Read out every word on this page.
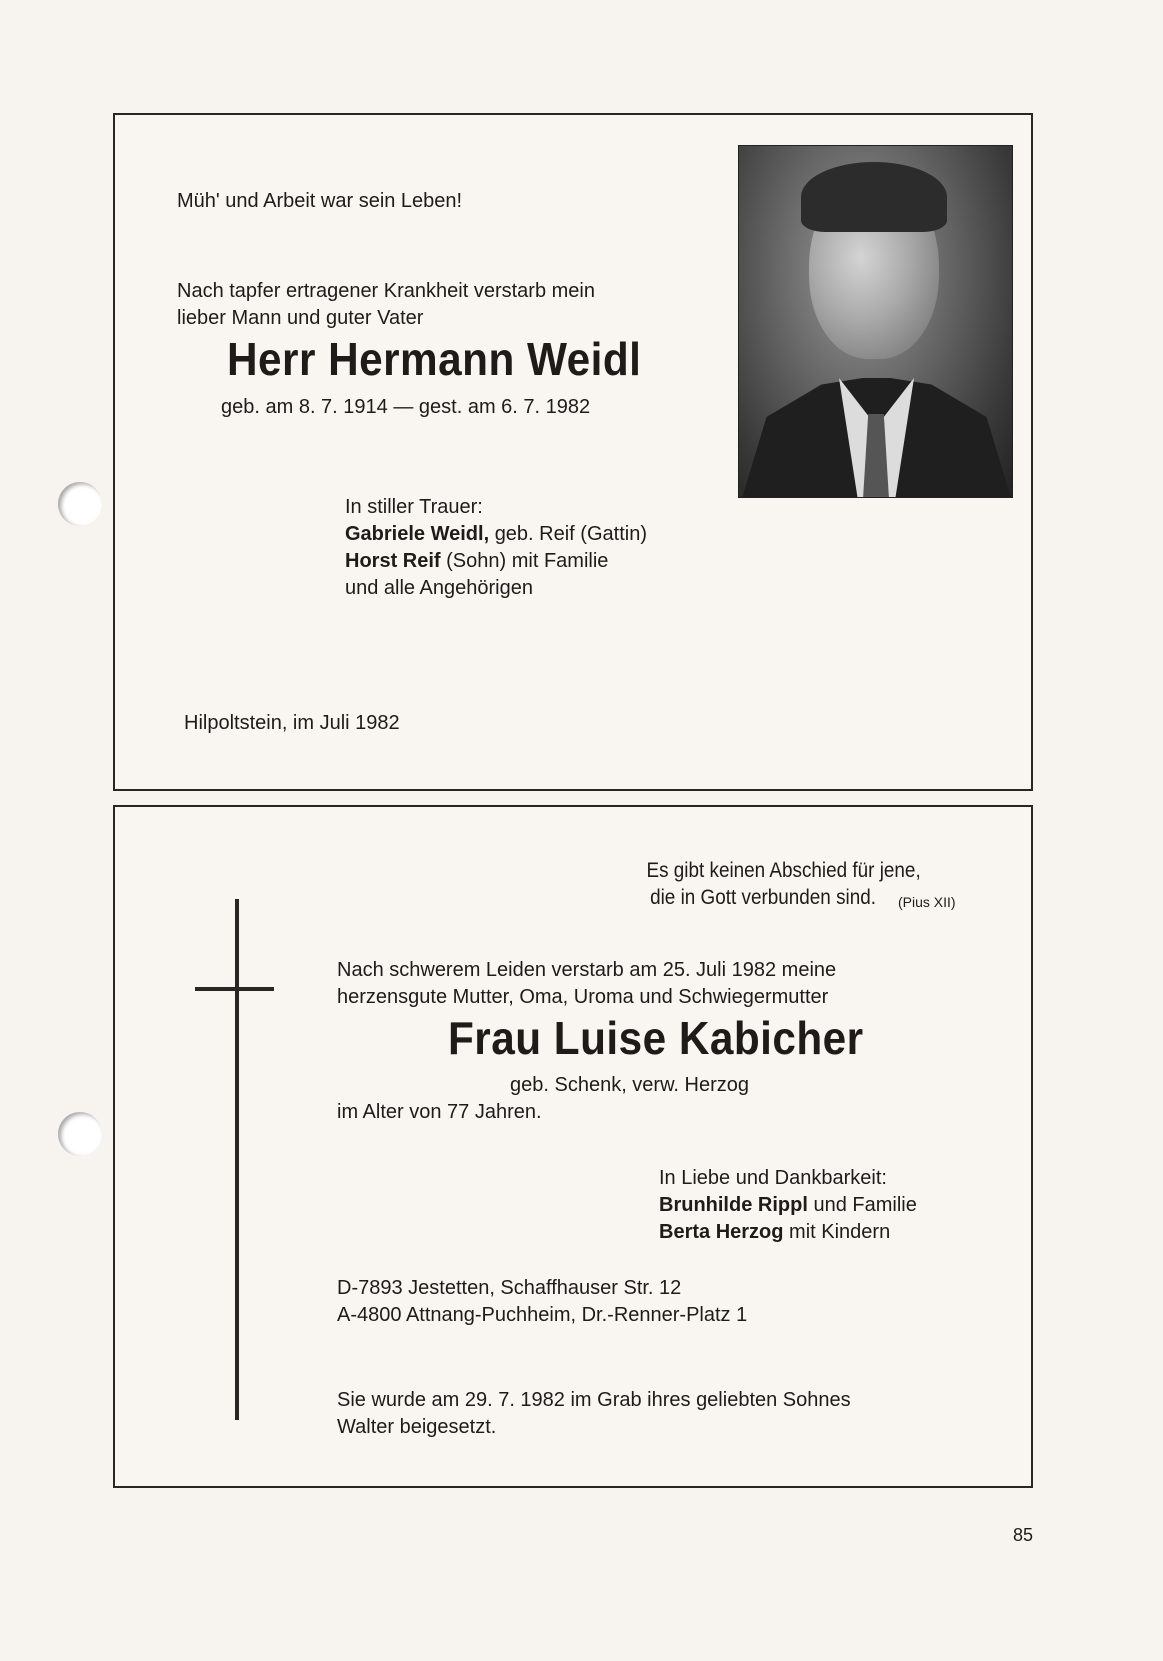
Müh' und Arbeit war sein Leben!
Nach tapfer ertragener Krankheit verstarb mein
lieber Mann und guter Vater
Herr Hermann Weidl
geb. am 8. 7. 1914 — gest. am 6. 7. 1982
In stiller Trauer:
Gabriele Weidl, geb. Reif (Gattin)
Horst Reif (Sohn) mit Familie
und alle Angehörigen
Hilpoltstein, im Juli 1982
Es gibt keinen Abschied für jene,
die in Gott verbunden sind. (Pius XII)
Nach schwerem Leiden verstarb am 25. Juli 1982 meine
herzensgute Mutter, Oma, Uroma und Schwiegermutter
Frau Luise Kabicher
geb. Schenk, verw. Herzog
im Alter von 77 Jahren.
In Liebe und Dankbarkeit:
Brunhilde Rippl und Familie
Berta Herzog mit Kindern
D-7893 Jestetten, Schaffhauser Str. 12
A-4800 Attnang-Puchheim, Dr.-Renner-Platz 1
Sie wurde am 29. 7. 1982 im Grab ihres geliebten Sohnes
Walter beigesetzt.
85
